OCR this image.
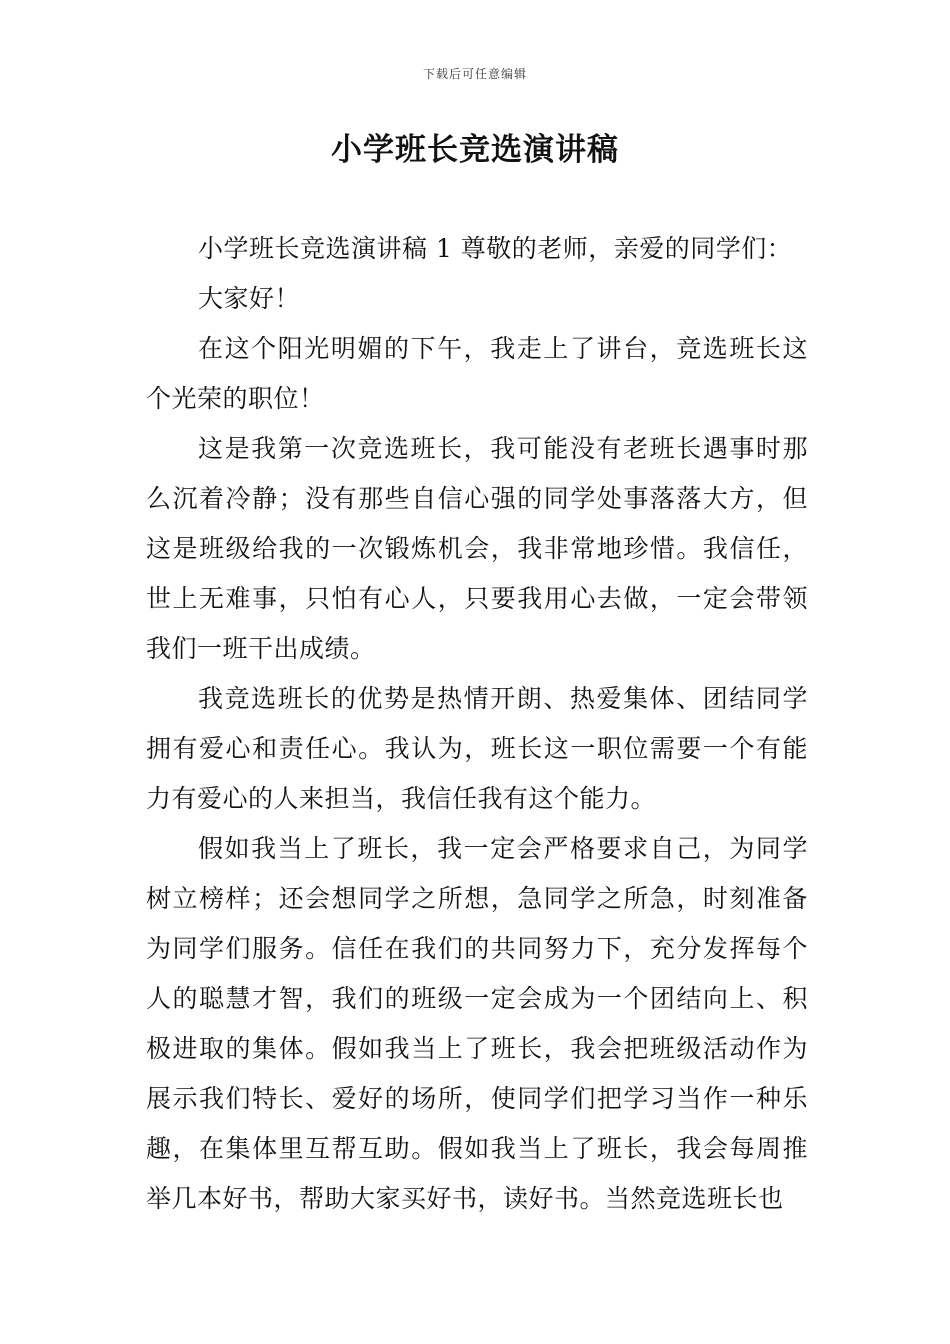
下载后可任意编辑
小学班长竞选演讲稿

小学班长竞选演讲稿 1 尊敬的老师，亲爱的同学们：

大家好！

在这个阳光明媚的下午，我走上了讲台，竞选班长这个光荣的职位！

这是我第一次竞选班长，我可能没有老班长遇事时那么沉着冷静；没有那些自信心强的同学处事落落大方，但这是班级给我的一次锻炼机会，我非常地珍惜。我信任，世上无难事，只怕有心人，只要我用心去做，一定会带领我们一班干出成绩。

我竞选班长的优势是热情开朗、热爱集体、团结同学拥有爱心和责任心。我认为，班长这一职位需要一个有能力有爱心的人来担当，我信任我有这个能力。

假如我当上了班长，我一定会严格要求自己，为同学树立榜样；还会想同学之所想，急同学之所急，时刻准备为同学们服务。信任在我们的共同努力下，充分发挥每个人的聪慧才智，我们的班级一定会成为一个团结向上、积极进取的集体。假如我当上了班长，我会把班级活动作为展示我们特长、爱好的场所，使同学们把学习当作一种乐趣，在集体里互帮互助。假如我当上了班长，我会每周推举几本好书，帮助大家买好书，读好书。当然竞选班长也
